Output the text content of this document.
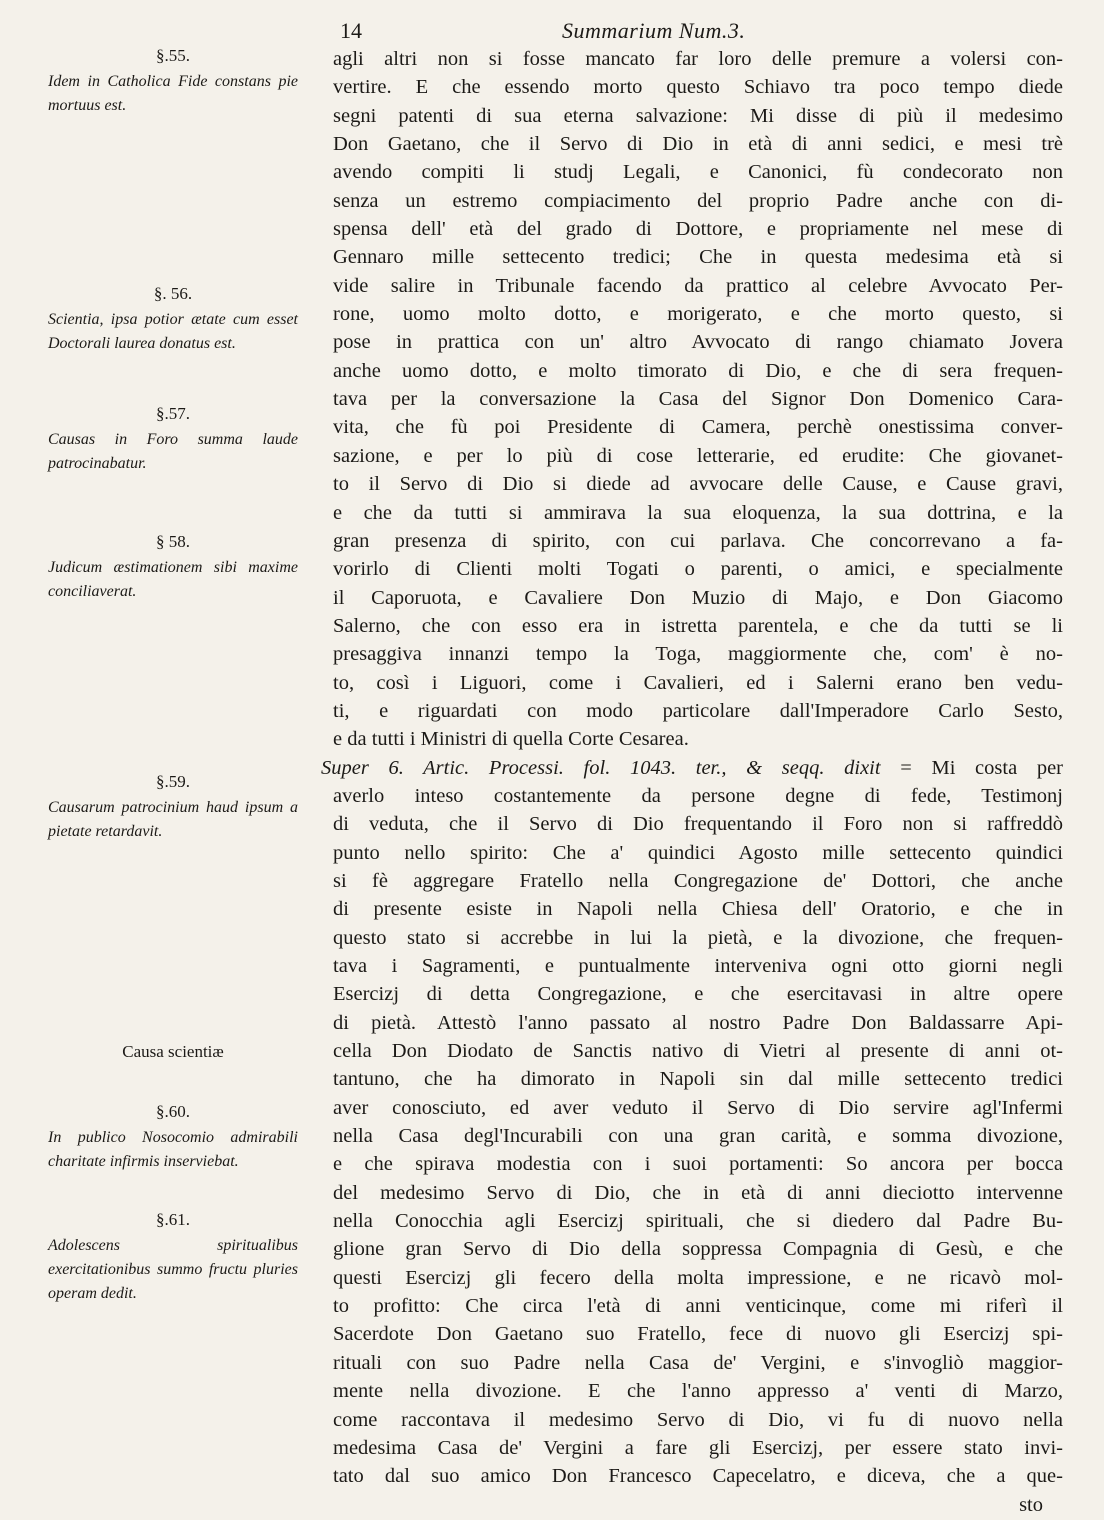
14	Summarium Num.3.
§.55.
Idem in Catholica Fide constans pie mortuus est.
§. 56.
Scientia, ipsa potior ætate cum esset Doctorali laurea donatus est.
§.57.
Causas in Foro summa laude patrocinabatur.
§ 58.
Judicum æstimationem sibi maxime conciliaverat.
§.59.
Causarum patrocinium haud ipsum a pietate retardavit.
Causa scientiæ
§.60.
In publico Nosocomio admirabili charitate infirmis inserviebat.
§.61.
Adolescens spiritualibus exercitationibus summo fructu pluries operam dedit.
agli altri non si fosse mancato far loro delle premure a volersi con-
vertire. E che essendo morto questo Schiavo tra poco tempo diede
segni patenti di sua eterna salvazione: Mi disse di più il medesimo
Don Gaetano, che il Servo di Dio in età di anni sedici, e mesi trè
avendo compiti li studj Legali, e Canonici, fù condecorato non
senza un estremo compiacimento del proprio Padre anche con di-
spensa dell' età del grado di Dottore, e propriamente nel mese di
Gennaro mille settecento tredici; Che in questa medesima età si
vide salire in Tribunale facendo da prattico al celebre Avvocato Per-
rone, uomo molto dotto, e morigerato, e che morto questo, si
pose in prattica con un' altro Avvocato di rango chiamato Jovera
anche uomo dotto, e molto timorato di Dio, e che di sera frequen-
tava per la conversazione la Casa del Signor Don Domenico Cara-
vita, che fù poi Presidente di Camera, perchè onestissima conver-
sazione, e per lo più di cose letterarie, ed erudite: Che giovanet-
to il Servo di Dio si diede ad avvocare delle Cause, e Cause gravi,
e che da tutti si ammirava la sua eloquenza, la sua dottrina, e la
gran presenza di spirito, con cui parlava. Che concorrevano a fa-
vorirlo di Clienti molti Togati o parenti, o amici, e specialmente
il Caporuota, e Cavaliere Don Muzio di Majo, e Don Giacomo
Salerno, che con esso era in istretta parentela, e che da tutti se li
presaggiva innanzi tempo la Toga, maggiormente che, com' è no-
to, così i Liguori, come i Cavalieri, ed i Salerni erano ben vedu-
ti, e riguardati con modo particolare dall'Imperadore Carlo Sesto,
e da tutti i Ministri di quella Corte Cesarea.
Super 6. Artic. Processi. fol. 1043. ter., & seqq. dixit = Mi costa per
averlo inteso costantemente da persone degne di fede, Testimonj
di veduta, che il Servo di Dio frequentando il Foro non si raffreddò
punto nello spirito: Che a' quindici Agosto mille settecento quindici
si fè aggregare Fratello nella Congregazione de' Dottori, che anche
di presente esiste in Napoli nella Chiesa dell' Oratorio, e che in
questo stato si accrebbe in lui la pietà, e la divozione, che frequen-
tava i Sagramenti, e puntualmente interveniva ogni otto giorni negli
Esercizj di detta Congregazione, e che esercitavasi in altre opere
di pietà. Attestò l'anno passato al nostro Padre Don Baldassarre Api-
cella Don Diodato de Sanctis nativo di Vietri al presente di anni ot-
tantuno, che ha dimorato in Napoli sin dal mille settecento tredici
aver conosciuto, ed aver veduto il Servo di Dio servire agl'Infermi
nella Casa degl'Incurabili con una gran carità, e somma divozione,
e che spirava modestia con i suoi portamenti: So ancora per bocca
del medesimo Servo di Dio, che in età di anni dieciotto intervenne
nella Conocchia agli Esercizj spirituali, che si diedero dal Padre Bu-
glione gran Servo di Dio della soppressa Compagnia di Gesù, e che
questi Esercizj gli fecero della molta impressione, e ne ricavò mol-
to profitto: Che circa l'età di anni venticinque, come mi riferì il
Sacerdote Don Gaetano suo Fratello, fece di nuovo gli Esercizj spi-
rituali con suo Padre nella Casa de' Vergini, e s'invogliò maggior-
mente nella divozione. E che l'anno appresso a' venti di Marzo,
come raccontava il medesimo Servo di Dio, vi fu di nuovo nella
medesima Casa de' Vergini a fare gli Esercizj, per essere stato invi-
tato dal suo amico Don Francesco Capecelatro, e diceva, che a que-
sto
